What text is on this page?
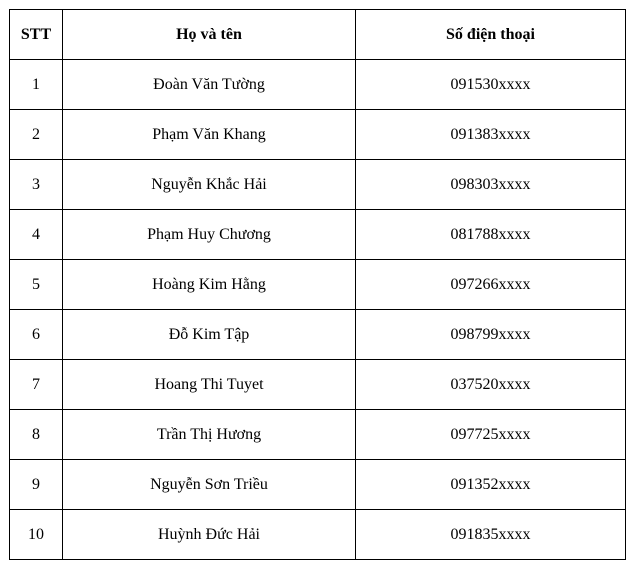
STT	Họ và tên	Số điện thoại
1	Đoàn Văn Tường	091530xxxx
2	Phạm Văn Khang	091383xxxx
3	Nguyễn Khắc Hải	098303xxxx
4	Phạm Huy Chương	081788xxxx
5	Hoàng Kim Hằng	097266xxxx
6	Đỗ Kim Tập	098799xxxx
7	Hoang Thi Tuyet	037520xxxx
8	Trần Thị Hương	097725xxxx
9	Nguyễn Sơn Triều	091352xxxx
10	Huỳnh Đức Hải	091835xxxx
